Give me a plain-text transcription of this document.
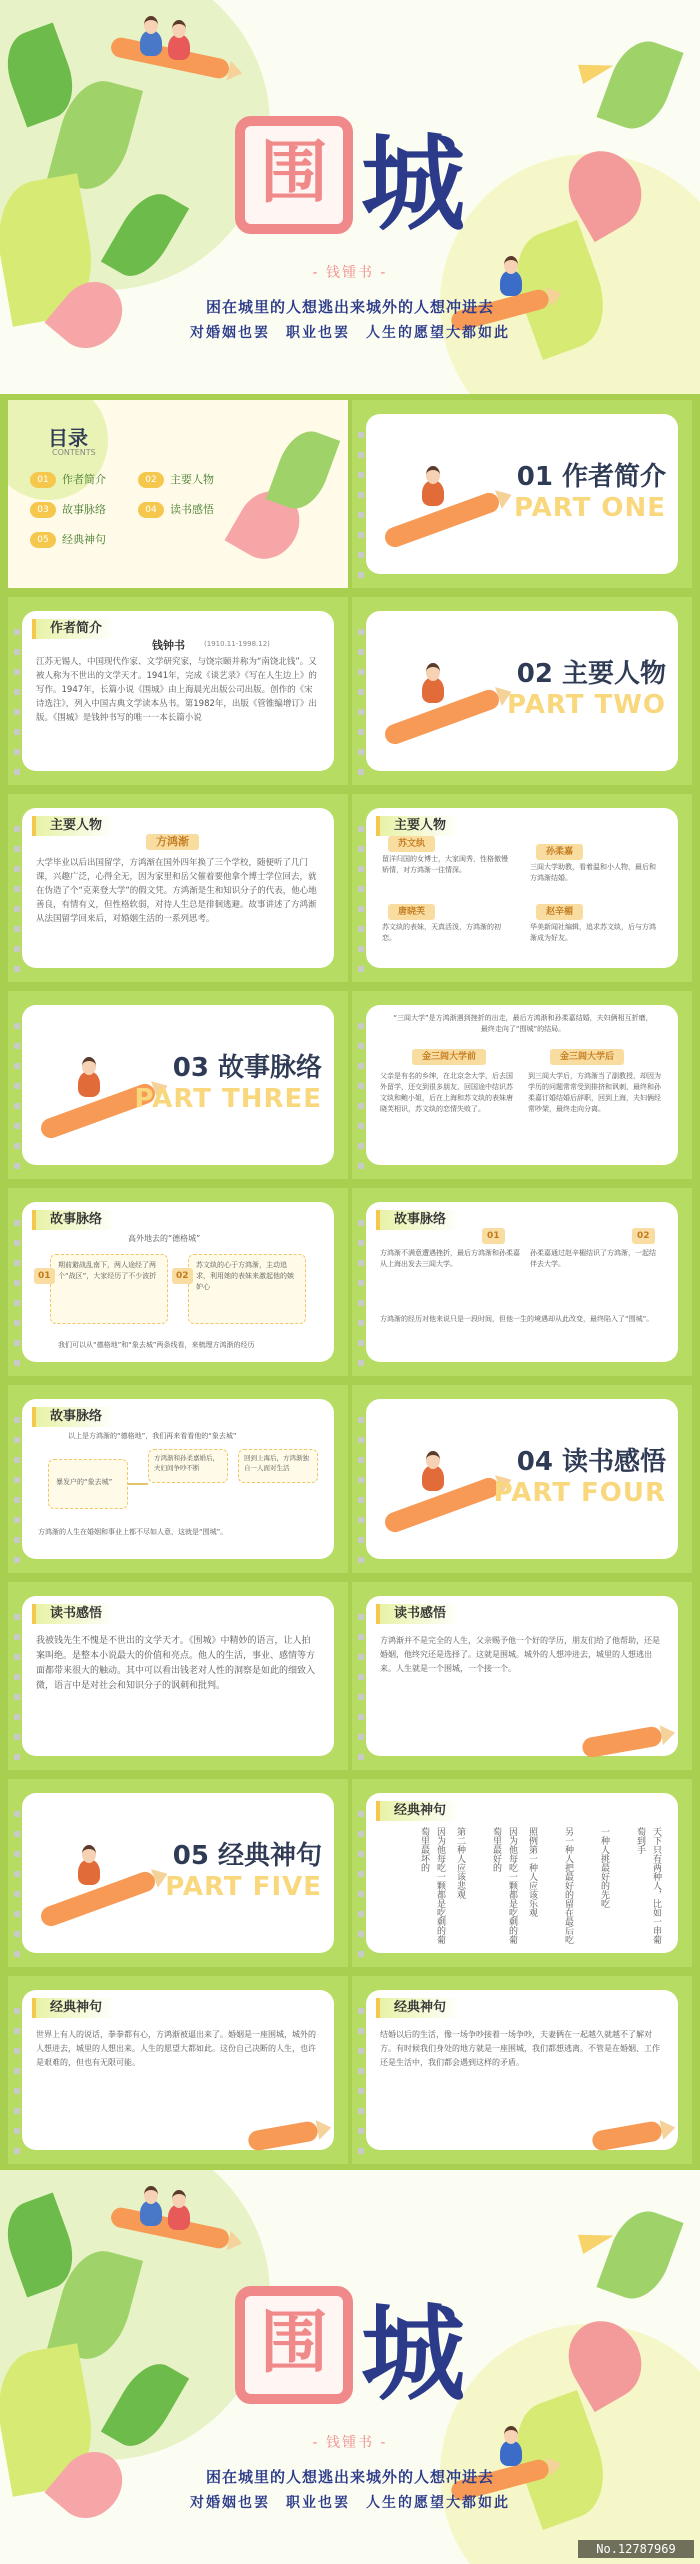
围 城
- 钱锺书 -
困在城里的人想逃出来城外的人想冲进去
对婚姻也罢　职业也罢　人生的愿望大都如此
目录
CONTENTS
01 作者简介	02 主要人物
03 故事脉络	04 读书感悟
05 经典神句
01 作者简介
PART ONE
作者简介
钱钟书	(1910.11-1998.12)
江苏无锡人，中国现代作家、文学研究家，与饶宗颐并称为“南饶北钱”。又被人称为不世出的文学天才。1941年，完成《谈艺录》《写在人生边上》的写作。1947年，长篇小说《围城》由上海晨光出版公司出版。创作的《宋诗选注》，列入中国古典文学读本丛书。第1982年，出版《管锥编增订》出版。《围城》是钱钟书写的唯一一本长篇小说
02 主要人物
PART TWO
主要人物
方鸿渐
大学毕业以后出国留学，方鸿渐在国外四年换了三个学校，随便听了几门课，兴趣广泛，心得全无，因为家里和岳父催着要他拿个博士学位回去，就在伪造了个“克莱登大学”的假文凭。方鸿渐是生和知识分子的代表，他心地善良，有情有义，但性格软弱，对待人生总是徘徊逃避。故事讲述了方鸿渐从法国留学回来后，对婚姻生活的一系列思考。
主要人物
苏文纨
留洋归国的女博士，大家闺秀，性格傲慢矫情，对方鸿渐一往情深。
孙柔嘉
三闾大学助教，看着温和小人物，最后和方鸿渐结婚。
唐晓芙
苏文纨的表妹，天真活泼，方鸿渐的初恋。
赵辛楣
华美新闻社编辑，追求苏文纨，后与方鸿渐成为好友。
03 故事脉络
PART THREE
“三闾大学”是方鸿渐遇到挫折的出走，最后方鸿渐和孙柔嘉结婚，夫妇俩相互折磨，最终走向了“围城”的结局。
金三闾大学前	金三闾大学后
父亲是有名的乡绅，在北京念大学，后去国外留学，还交到很多朋友，回国途中结识苏文纨和鲍小姐，后在上海和苏文纨的表妹唐晓芙相识，苏文纨的恋情失败了。
到三闾大学后，方鸿渐当了副教授，却因为学历的问题常常受到排挤和讽刺，最终和孙柔嘉订婚结婚后辞职，回到上海，夫妇俩经常吵架，最终走向分离。
故事脉络
高外地去的“德格城”
01	02
期前避战乱南下，两人途经了两个“战区”，大家经历了不少波折
苏文纨的心于方鸿渐，主动追求，利用她的表妹来激起他的嫉妒心
我们可以从“德格地”和“象去城”两条线看，来梳理方鸿渐的经历
故事脉络
01	02
方鸿渐不满意遭遇挫折，最后方鸿渐和孙柔嘉从上海出发去三闾大学。
孙柔嘉通过赵辛楣结识了方鸿渐，一起结伴去大学。
方鸿渐的经历对他来说只是一段时间，但他一生的境遇却从此改变，最终陷入了“围城”。
故事脉络
以上是方鸿渐的“德格地”，我们再来看看他的“象去城”
暴发户的“象去城”
方鸿渐和孙柔嘉婚后，夫妇间争吵不断
回到上海后，方鸿渐独自一人面对生活
方鸿渐的人生在婚姻和事业上都不尽如人意，这就是“围城”。
04 读书感悟
PART FOUR
读书感悟
我被钱先生不愧是不世出的文学天才。《围城》中精妙的语言，让人拍案叫绝。是整本小说最大的价值和亮点。他人的生活，事业、感情等方面都带来很大的触动。其中可以看出钱老对人性的洞察是如此的细致入微，语言中是对社会和知识分子的讽刺和批判。
读书感悟
方鸿渐并不是完全的人生，父亲赐予他一个好的学历，朋友们给了他帮助，还是婚姻，他终究还是选择了。这就是围城。城外的人想冲进去，城里的人想逃出来。人生就是一个围城，一个接一个。
05 经典神句
PART FIVE
经典神句
天下只有两种人，比如一串葡萄到手
一种人挑最好的先吃
另一种人把最好的留在最后吃
照例第一种人应该乐观
因为他每吃一颗都是吃剩的葡萄里最好的
第二种人应该悲观
因为他每吃一颗都是吃剩的葡萄里最坏的
经典神句
世界上有人的说话，拳拳都有心，方鸿渐被逼出来了。婚姻是一座围城，城外的人想进去，城里的人想出来。人生的愿望大都如此。这份自己决断的人生，也许是艰难的，但也有无限可能。
经典神句
结婚以后的生活，像一场争吵接着一场争吵，夫妻俩在一起越久就越不了解对方。有时候我们身处的地方就是一座围城，我们都想逃离。不管是在婚姻、工作还是生活中，我们都会遇到这样的矛盾。
围 城
- 钱锺书 -
困在城里的人想逃出来城外的人想冲进去
对婚姻也罢　职业也罢　人生的愿望大都如此
No.12787969
